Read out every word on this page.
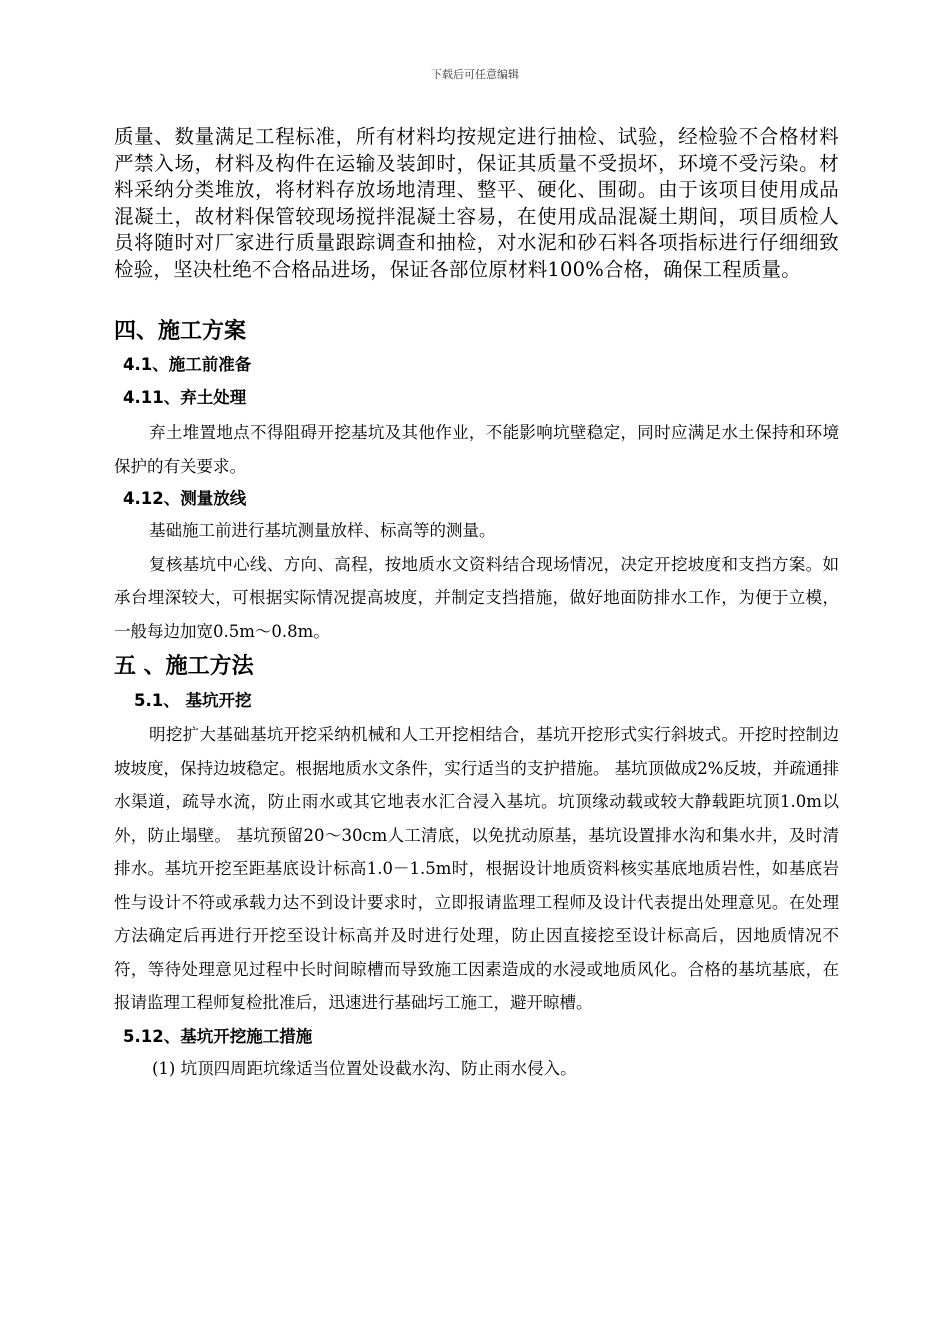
下载后可任意编辑

质量、数量满足工程标准，所有材料均按规定进行抽检、试验，经检验不合格材料严禁入场，材料及构件在运输及装卸时，保证其质量不受损坏，环境不受污染。材料采纳分类堆放，将材料存放场地清理、整平、硬化、围砌。由于该项目使用成品混凝土，故材料保管较现场搅拌混凝土容易，在使用成品混凝土期间，项目质检人员将随时对厂家进行质量跟踪调查和抽检，对水泥和砂石料各项指标进行仔细细致检验，坚决杜绝不合格品进场，保证各部位原材料100%合格，确保工程质量。

四、施工方案
4.1、施工前准备
4.11、弃土处理

弃土堆置地点不得阻碍开挖基坑及其他作业，不能影响坑壁稳定，同时应满足水土保持和环境保护的有关要求。

4.12、测量放线

基础施工前进行基坑测量放样、标高等的测量。

复核基坑中心线、方向、高程，按地质水文资料结合现场情况，决定开挖坡度和支挡方案。如承台埋深较大，可根据实际情况提高坡度，并制定支挡措施，做好地面防排水工作，为便于立模，一般每边加宽0.5m～0.8m。

五 、施工方法
5.1、 基坑开挖

明挖扩大基础基坑开挖采纳机械和人工开挖相结合，基坑开挖形式实行斜坡式。开挖时控制边坡坡度，保持边坡稳定。根据地质水文条件，实行适当的支护措施。 基坑顶做成2%反坡，并疏通排水渠道，疏导水流，防止雨水或其它地表水汇合浸入基坑。坑顶缘动载或较大静载距坑顶1.0m以外，防止塌壁。 基坑预留20～30cm人工清底，以免扰动原基，基坑设置排水沟和集水井，及时清排水。基坑开挖至距基底设计标高1.0－1.5m时，根据设计地质资料核实基底地质岩性，如基底岩性与设计不符或承载力达不到设计要求时，立即报请监理工程师及设计代表提出处理意见。在处理方法确定后再进行开挖至设计标高并及时进行处理，防止因直接挖至设计标高后，因地质情况不符，等待处理意见过程中长时间晾槽而导致施工因素造成的水浸或地质风化。合格的基坑基底，在报请监理工程师复检批准后，迅速进行基础圬工施工，避开晾槽。

5.12、基坑开挖施工措施

(1) 坑顶四周距坑缘适当位置处设截水沟、防止雨水侵入。
